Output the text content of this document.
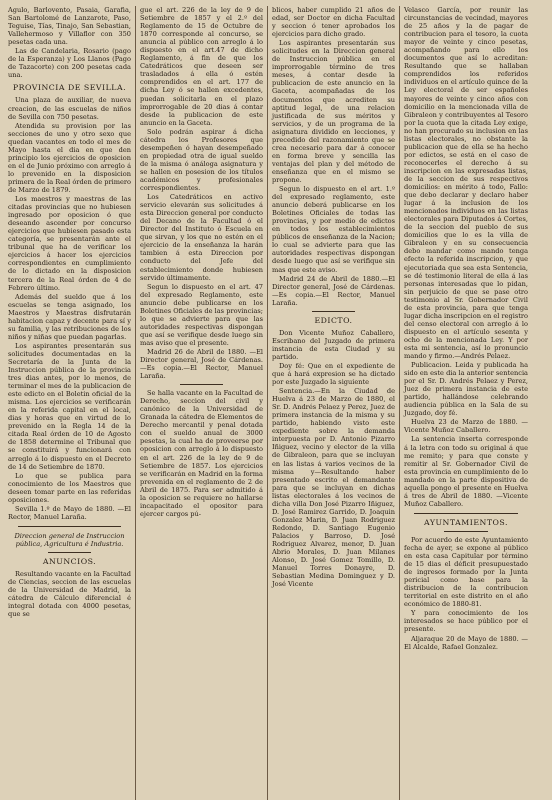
Agulo, Barlovento, Pasaia, Garafia, San Bartolomé de Lanzarote, Paso, Teguise, Tías, Tinajo, San Sebastian, Vallehermoso y Villaflor con 350 pesetas cada una.

Las de Candelaria, Rosario (pago de la Esperanza) y Los Llanos (Pago de Tazacorte) con 200 pesetas cada una.

PROVINCIA DE SEVILLA.

Una plaza de auxiliar, de nueva creacion, de las escuelas de niños de Sevilla con 750 pesetas.

Atendida su provision por las secciones de uno y otro sexo que quedan vacantes en todo el mes de Mayo hasta el dia en que den principio los ejercicios de oposicion en el de Junio próximo con arreglo á lo prevenido en la disposicion primera de la Real órden de primero de Marzo de 1879.

Los maestros y maestras de las citadas provincias que no hubiesen ingresado por oposicion ó que deseando ascender por concurso ejercicios que hubiesen pasado esta categoría, se presentarán ante el tribunal que ha de verificar los ejercicios á hacer los ejercicios correspondientes en cumplimiento de lo dictado en la disposicion tercera de la Real órden de 4 de Febrero último.

Además del sueldo que á los escuelas se tenga asignado, los Maestros y Maestras disfrutarán habitacion capaz y decente para sí y su familia, y las retribuciones de los niños y niñas que puedan pagarlas.

Los aspirantes presentarán sus solicitudes documentadas en la Secretaría de la Junta de la Instruccion pública de la provincia tres dias antes, por lo menos, de terminar el mes de la publicacion de este edicto en el Boletin oficial de la misma. Los ejercicios se verificarán en la referida capital en el local, dias y horas que en virtud de lo prevenido en la Regla 14 de la citada Real órden de 10 de Agosto de 1858 determine el Tribunal que se constituirá y funcionará con arreglo á lo dispuesto en el Decreto de 14 de Setiembre de 1870.

Lo que se publica para conocimiento de los Maestros que deseen tomar parte en las referidas oposiciones.

Sevilla 1.º de Mayo de 1880. —El Rector, Manuel Laraña.

Direccion general de Instruccion pública, Agricultura é Industria.

ANUNCIOS.

Resultando vacante en la Facultad de Ciencias, seccion de las escuelas de la Universidad de Madrid, la cátedra de Cálculo diferencial é integral dotada con 4000 pesetas, que se

gue el art. 226 de la ley de 9 de Setiembre de 1857 y el 2.º del Reglamento de 15 de Octubre de 1870 corresponde al concurso, se anuncia al público con arreglo á lo dispuesto en el art.47 de dicho Reglamento, á fin de que los Catedráticos que deseen ser trasladados á ella ó estén comprendidos en el art. 177 de dicha Ley ó se hallen excedentes, puedan solicitarla en el plazo improrrogable de 20 dias á contar desde la publicacion de este anuncio en la Gaceta.

Solo podrán aspirar á dicha cátedra los Profesores que desempeñen ó hayan desempeñado en propiedad otra de igual sueldo de la misma ó análoga asignatura y se hallen en posesion de los títulos académicos y profesionales correspondientes.

Los Catedráticos en activo servicio elevarán sus solicitudes á esta Direccion general por conducto del Decano de la Facultad ó el Director del Instituto ó Escuela en que sirvan, y los que no estén en el ejercicio de la enseñanza la harán tambien á esta Direccion por conducto del Jefe del establecimiento donde hubiesen servido últimamente.

Segun lo dispuesto en el art. 47 del expresado Reglamento, este anuncio debe publicarse en los Boletines Oficiales de las provincias; lo que se advierte para que las autoridades respectivas dispongan que así se verifique desde luego sin mas aviso que el presente.

Madrid 26 de Abril de 1880. —El Director general, José de Cárdenas.—Es copia.—El Rector, Manuel Laraña.

Se halla vacante en la Facultad de Derecho, seccion del civil y canónico de la Universidad de Granada la cátedra de Elementos de Derecho mercantil y penal dotada con el sueldo anual de 3000 pesetas, la cual ha de proveerse por oposicion con arreglo á lo dispuesto en el art. 226 de la ley de 9 de Setiembre de 1857. Los ejercicios se verificarán en Madrid en la forma prevenida en el reglamento de 2 de Abril de 1875. Para ser admitido á la oposicion se requiere no hallarse incapacitado el opositor para ejercer cargos pú-

blicos, haber cumplido 21 años de edad, ser Doctor en dicha Facultad y seccion ó tener aprobados los ejercicios para dicho grado.

Los aspirantes presentarán sus solicitudes en la Direccion general de Instruccion pública en el improrrogable término de tres meses, á contar desde la publicacion de este anuncio en la Gaceta, acompañadas de los documentos que acrediten su aptitud legal, de una relacion justificada de sus méritos y servicios, y de un programa de la asignatura dividido en lecciones, y precedido del razonamiento que se crea necesario para dar á conocer en forma breve y sencilla las ventajas del plan y del método de enseñanza que en el mismo se propone.

Segun lo dispuesto en el art. 1.º del expresado reglamento, este anuncio deberá publicarse en los Boletines Oficiales de todas las provincias, y por medio de edictos en todos los establecimientos públicos de enseñanza de la Nacion; lo cual se advierte para que las autoridades respectivas dispongan desde luego que así se verifique sin mas que este aviso.

Madrid 24 de Abril de 1880.—El Director general, José de Cárdenas.—Es copia.—El Rector, Manuel Laraña.

EDICTO.

Don Vicente Muñoz Caballero, Escribano del Juzgado de primera instancia de esta Ciudad y su partido.

Doy fé: Que en el expediente de que á hará expresion se ha dictado por este Juzgado la siguiente

Sentencia.—En la Ciudad de Huelva á 23 de Marzo de 1880, el Sr. D. Andrés Pelaez y Perez, Juez de primera instancia de la misma y su partido, habiendo visto este expediente sobre la demanda interpuesta por D. Antonio Pizarro Iñiguez, vecino y elector de la villa de Gibraleon, para que se incluyan en las listas á varios vecinos de la misma y—Resultando haber presentado escrito el demandante para que se incluyan en dichas listas electorales á los vecinos de dicha villa Don José Pizarro Iñiguez, D. José Ramirez Garrido, D. Joaquin Gonzalez Marin, D. Juan Rodriguez Redondo, D. Santiago Eugenio Palacios y Barroso, D. José Rodriguez Alvarez, menor, D. Juan Abrio Morales, D. Juan Milanes Alonso, D. José Gomez Tomillo, D. Manuel Torres Donayre, D. Sebastian Medina Dominguez y D. José Vicente

Velasco García, por reunir las circunstancias de vecindad, mayores de 25 años y la de pagar de contribucion para el tesoro, la cuota mayor de veinte y cinco pesetas, acompañando para ello los documentos que así lo acreditan: Resultando que se hallaban comprendidos los referidos individuos en el artículo quince de la Ley electoral de ser españoles mayores de veinte y cinco años con domicilio en la mencionada villa de Gibraleon y contribuyentes al Tesoro por la cuota que la citada Ley exige, no han procurado su inclusion en las listas electorales, no obstante la publicacion que de ella se ha hecho por edictos, se está en el caso de reconocerles el derecho á su inscripcion en las expresadas listas, de la seccion de sus respectivos domicilios: en mérito á todo, Fallo: que debo declarar y declaro haber lugar á la inclusion de los mencionados individuos en las listas electorales para Diputados á Cortes, de la seccion del pueblo de sus domicilios que lo es la villa de Gibraleon y en su consecuencia debo mandar como mando tenga efecto la referida inscripcion, y que ejecutoriada que sea esta Sentencia, se dé testimonio literal de ella á las personas interesadas que lo pidan, sin perjuicio de que se pase otro testimonio al Sr. Gobernador Civil de esta provincia, para que tenga lugar dicha inscripcion en el registro del censo electoral con arreglo á lo dispuesto en el artículo sesenta y ocho de la mencionada Ley. Y por esta mi sentencia, así lo pronuncio mando y firmo.—Andrés Pelaez.

Publicacion. Leida y publicada ha sido en este dia la anterior sentencia por el Sr. D. Andrés Pelaez y Perez, Juez de primera instancia de este partido, hallándose celebrando audiencia pública en la Sala de su Juzgado, doy fé.

Huelva 23 de Marzo de 1880. —Vicente Muñoz Caballero.

La sentencia inserta corresponde á la letra con todo su original á que me remito; y para que conste y remitir al Sr. Gobernador Civil de esta provincia en cumplimiento de lo mandado en la parte dispositiva de aquella pongo el presente en Huelva á tres de Abril de 1880. —Vicente Muñoz Caballero.

AYUNTAMIENTOS.

Por acuerdo de este Ayuntamiento fecha de ayer, se expone al público en esta casa Capitular por término de 15 dias el déficit presupuestado de ingresos formado por la Junta pericial como base para la distribucion de la contribucion territorial en este distrito en el año económico de 1880-81.

Y para conocimiento de los interesados se hace público por el presente.

Aljaraque 20 de Mayo de 1880. —El Alcalde, Rafael Gonzalez.
